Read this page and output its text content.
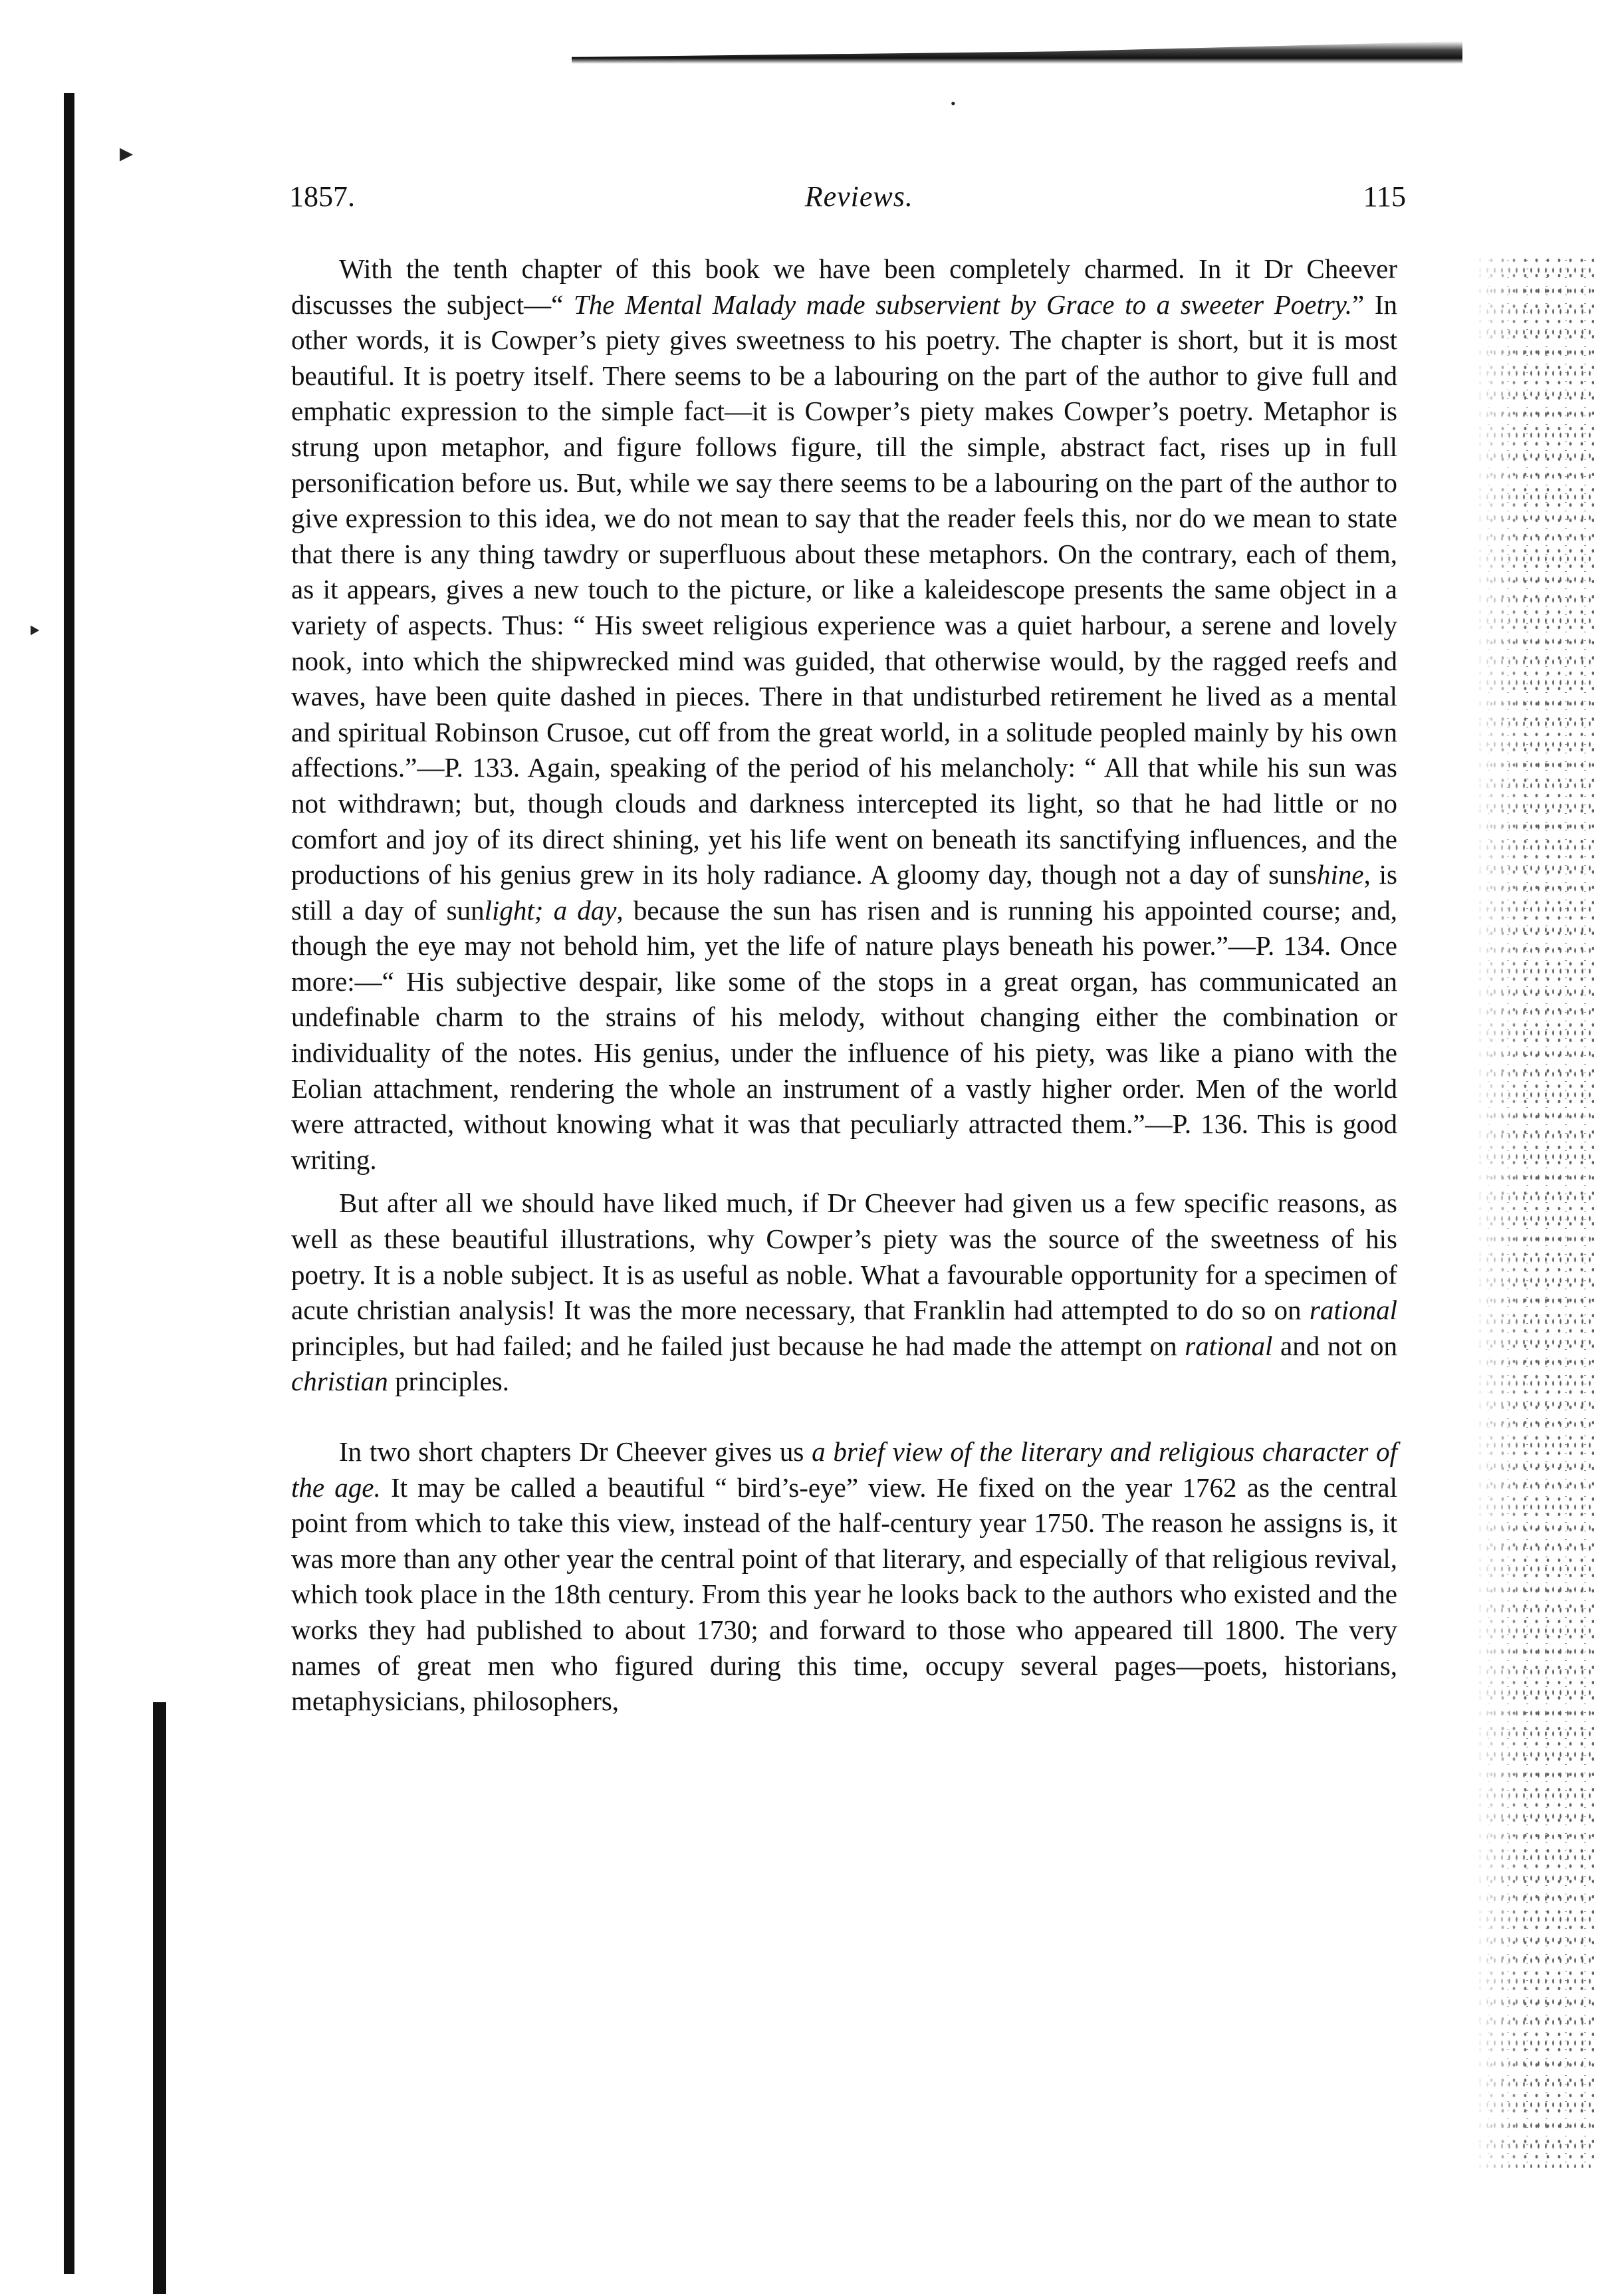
▸
‣
•
1857.	Reviews.	115

With the tenth chapter of this book we have been completely charmed. In it Dr Cheever discusses the subject—“ The Mental Malady made subservient by Grace to a sweeter Poetry.” In other words, it is Cowper’s piety gives sweetness to his poetry. The chapter is short, but it is most beautiful. It is poetry itself. There seems to be a labouring on the part of the author to give full and emphatic expression to the simple fact—it is Cowper’s piety makes Cowper’s poetry. Metaphor is strung upon metaphor, and figure follows figure, till the simple, abstract fact, rises up in full personification before us. But, while we say there seems to be a labouring on the part of the author to give expression to this idea, we do not mean to say that the reader feels this, nor do we mean to state that there is any thing tawdry or superfluous about these metaphors. On the contrary, each of them, as it appears, gives a new touch to the picture, or like a kaleidescope presents the same object in a variety of aspects. Thus: “ His sweet religious experience was a quiet harbour, a serene and lovely nook, into which the shipwrecked mind was guided, that otherwise would, by the ragged reefs and waves, have been quite dashed in pieces. There in that undisturbed retirement he lived as a mental and spiritual Robinson Crusoe, cut off from the great world, in a solitude peopled mainly by his own affections.”—P. 133. Again, speaking of the period of his melancholy: “ All that while his sun was not withdrawn; but, though clouds and darkness intercepted its light, so that he had little or no comfort and joy of its direct shining, yet his life went on beneath its sanctifying influences, and the productions of his genius grew in its holy radiance. A gloomy day, though not a day of sunshine, is still a day of sunlight; a day, because the sun has risen and is running his appointed course; and, though the eye may not behold him, yet the life of nature plays beneath his power.”—P. 134. Once more:—“ His subjective despair, like some of the stops in a great organ, has communicated an undefinable charm to the strains of his melody, without changing either the combination or individuality of the notes. His genius, under the influence of his piety, was like a piano with the Eolian attachment, rendering the whole an instrument of a vastly higher order. Men of the world were attracted, without knowing what it was that peculiarly attracted them.”—P. 136. This is good writing.

But after all we should have liked much, if Dr Cheever had given us a few specific reasons, as well as these beautiful illustrations, why Cowper’s piety was the source of the sweetness of his poetry. It is a noble subject. It is as useful as noble. What a favourable opportunity for a specimen of acute christian analysis! It was the more necessary, that Franklin had attempted to do so on rational principles, but had failed; and he failed just because he had made the attempt on rational and not on christian principles.

In two short chapters Dr Cheever gives us a brief view of the literary and religious character of the age. It may be called a beautiful “ bird’s-eye” view. He fixed on the year 1762 as the central point from which to take this view, instead of the half-century year 1750. The reason he assigns is, it was more than any other year the central point of that literary, and especially of that religious revival, which took place in the 18th century. From this year he looks back to the authors who existed and the works they had published to about 1730; and forward to those who appeared till 1800. The very names of great men who figured during this time, occupy several pages—poets, historians, metaphysicians, philosophers,
